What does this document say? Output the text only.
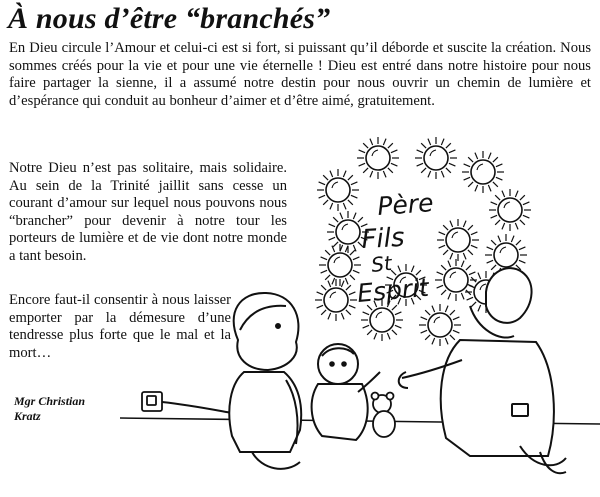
À nous d’être “branchés”

En Dieu circule l’Amour et celui-ci est si fort, si puissant qu’il déborde et suscite la création. Nous sommes créés pour la vie et pour une vie éternelle ! Dieu est entré dans notre histoire pour nous faire partager la sienne, il a assumé notre destin pour nous ouvrir un chemin de lumière et d’espérance qui conduit au bonheur d’aimer et d’être aimé, gratuitement.

Notre Dieu n’est pas solitaire, mais solidaire. Au sein de la Trinité jaillit sans cesse un courant d’amour sur lequel nous pouvons nous “brancher” pour devenir à notre tour les porteurs de lumière et de vie dont notre monde a tant besoin.

Encore faut-il consentir à nous laisser emporter par la démesure d’une tendresse plus forte que le mal et la mort…

Mgr Christian
Kratz
Père
Fils
St
Esprit
